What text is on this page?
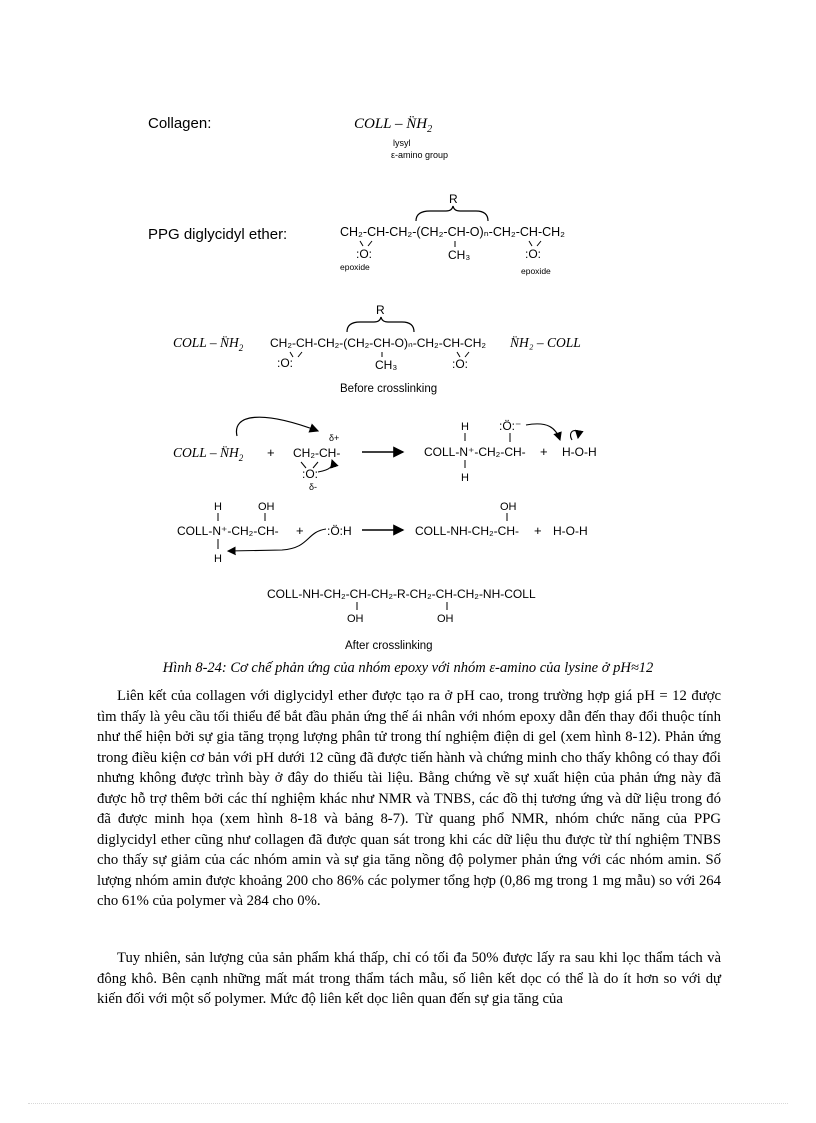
Collagen:	COLL – $N̈H_2$
lysyl
ε-amino group
PPG diglycidyl ether:
R
CH₂-CH-CH₂-(CH₂-CH-O)ₙ-CH₂-CH-CH₂
:O:
epoxide
CH₃	:O:
epoxide
R
COLL – $N̈H_2$ CH₂-CH-CH₂-(CH₂-CH-O)ₙ-CH₂-CH-CH₂
:O:	CH₃	:O:
N̈H₂ – COLL
Before crosslinking
COLL – $N̈H_2$ +
δ+
CH₂-CH-
:O:
δ-
H
COLL-N⁺-CH₂-CH-
H
:Ö:⁻
+ H-O-H
H	OH
COLL-N⁺-CH₂-CH-
H
+ :Ö:H
OH
COLL-NH-CH₂-CH- + H-O-H
COLL-NH-CH₂-CH-CH₂-R-CH₂-CH-CH₂-NH-COLL
OH	OH
After crosslinking
Hình 8-24: Cơ chế phản ứng của nhóm epoxy với nhóm ε-amino của lysine ở pH≈12

Liên kết của collagen với diglycidyl ether được tạo ra ở pH cao, trong trường hợp giá pH = 12 được tìm thấy là yêu cầu tối thiểu để bắt đầu phản ứng thế ái nhân với nhóm epoxy dẫn đến thay đổi thuộc tính như thể hiện bởi sự gia tăng trọng lượng phân tử trong thí nghiệm điện di gel (xem hình 8-12). Phản ứng trong điều kiện cơ bản với pH dưới 12 cũng đã được tiến hành và chứng minh cho thấy không có thay đổi nhưng không được trình bày ở đây do thiếu tài liệu. Bằng chứng về sự xuất hiện của phản ứng này đã được hỗ trợ thêm bởi các thí nghiệm khác như NMR và TNBS, các đồ thị tương ứng và dữ liệu trong đó đã được minh họa (xem hình 8-18 và bảng 8-7). Từ quang phổ NMR, nhóm chức năng của PPG diglycidyl ether cũng như collagen đã được quan sát trong khi các dữ liệu thu được từ thí nghiệm TNBS cho thấy sự giảm của các nhóm amin và sự gia tăng nồng độ polymer phản ứng với các nhóm amin. Số lượng nhóm amin được khoảng 200 cho 86% các polymer tổng hợp (0,86 mg trong 1 mg mẫu) so với 264 cho 61% của polymer và 284 cho 0%.

Tuy nhiên, sản lượng của sản phẩm khá thấp, chỉ có tối đa 50% được lấy ra sau khi lọc thẩm tách và đông khô. Bên cạnh những mất mát trong thẩm tách mẫu, số liên kết dọc có thể là do ít hơn so với dự kiến đối với một số polymer. Mức độ liên kết dọc liên quan đến sự gia tăng của
